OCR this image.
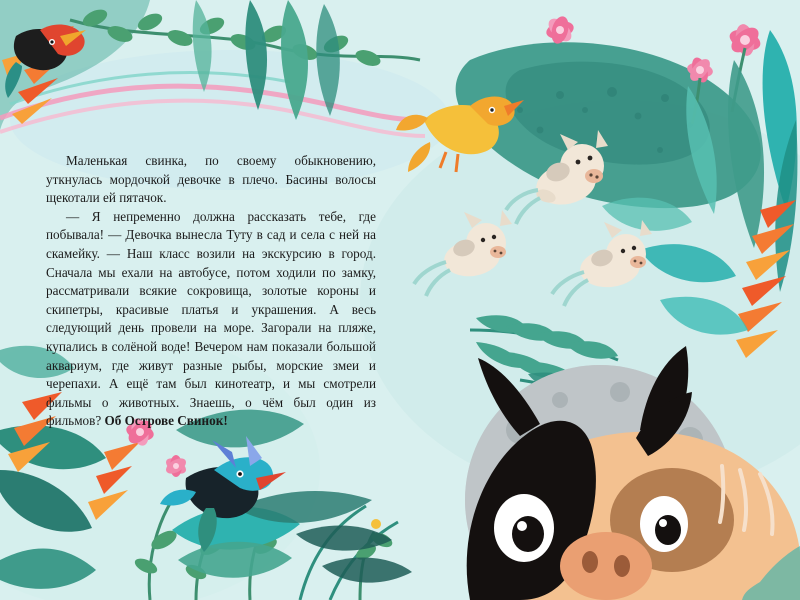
Маленькая свинка, по своему обыкновению, уткнулась мордочкой девочке в плечо. Басины волосы щекотали ей пятачок.

— Я непременно должна рассказать тебе, где побывала! — Девочка вынесла Туту в сад и села с ней на скамейку. — Наш класс возили на экскурсию в город. Сначала мы ехали на автобусе, потом ходили по замку, рассматривали всякие сокровища, золотые короны и скипетры, красивые платья и украшения. А весь следующий день провели на море. Загорали на пляже, купались в солёной воде! Вечером нам показали большой аквариум, где живут разные рыбы, морские змеи и черепахи. А ещё там был кинотеатр, и мы смотрели фильмы о животных. Знаешь, о чём был один из фильмов? Об Острове Свинок!
